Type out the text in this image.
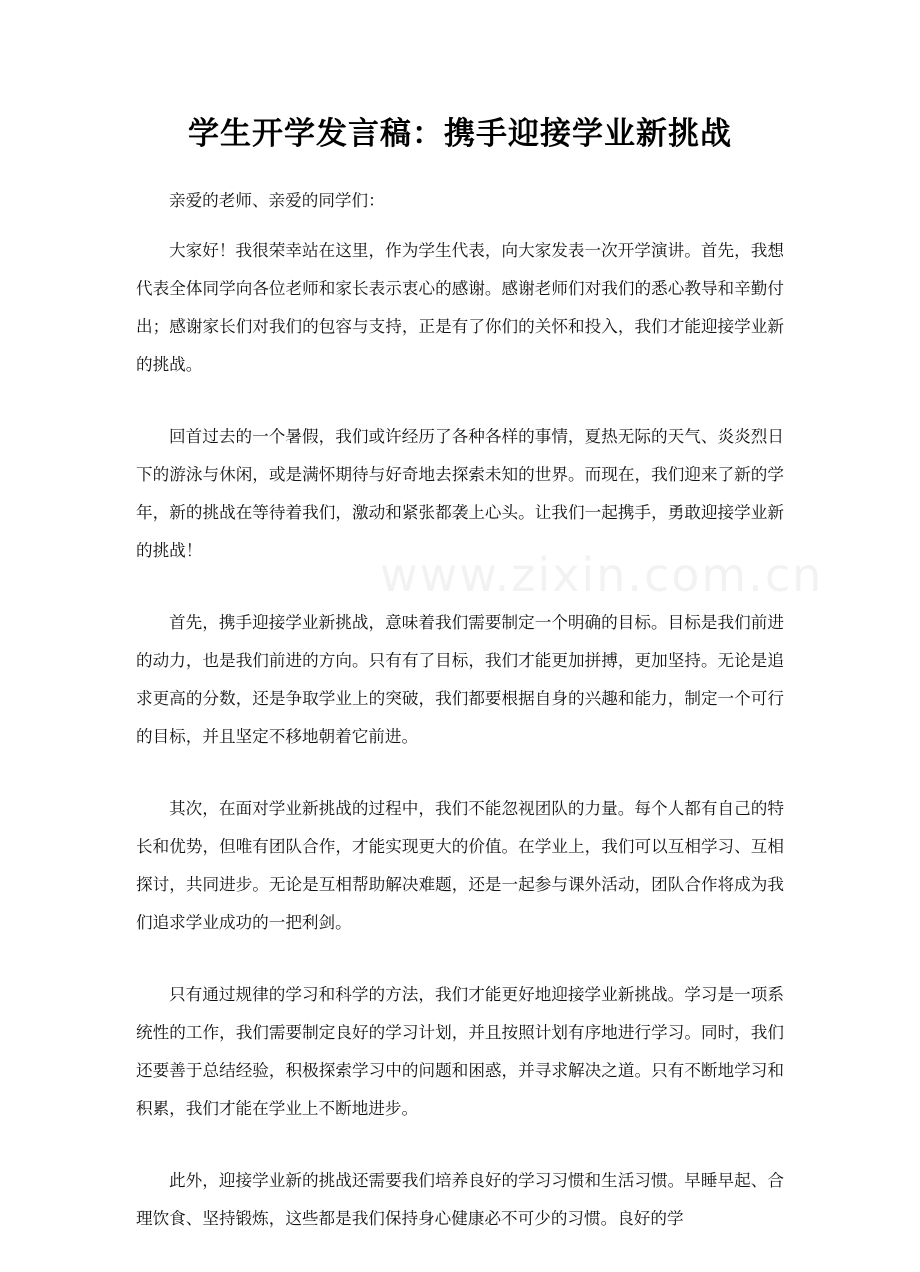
www.zixin.com.cn
学生开学发言稿：携手迎接学业新挑战

亲爱的老师、亲爱的同学们：

大家好！我很荣幸站在这里，作为学生代表，向大家发表一次开学演讲。首先，我想代表全体同学向各位老师和家长表示衷心的感谢。感谢老师们对我们的悉心教导和辛勤付出；感谢家长们对我们的包容与支持，正是有了你们的关怀和投入，我们才能迎接学业新的挑战。

回首过去的一个暑假，我们或许经历了各种各样的事情，夏热无际的天气、炎炎烈日下的游泳与休闲，或是满怀期待与好奇地去探索未知的世界。而现在，我们迎来了新的学年，新的挑战在等待着我们，激动和紧张都袭上心头。让我们一起携手，勇敢迎接学业新的挑战！

首先，携手迎接学业新挑战，意味着我们需要制定一个明确的目标。目标是我们前进的动力，也是我们前进的方向。只有有了目标，我们才能更加拼搏，更加坚持。无论是追求更高的分数，还是争取学业上的突破，我们都要根据自身的兴趣和能力，制定一个可行的目标，并且坚定不移地朝着它前进。

其次，在面对学业新挑战的过程中，我们不能忽视团队的力量。每个人都有自己的特长和优势，但唯有团队合作，才能实现更大的价值。在学业上，我们可以互相学习、互相探讨，共同进步。无论是互相帮助解决难题，还是一起参与课外活动，团队合作将成为我们追求学业成功的一把利剑。

只有通过规律的学习和科学的方法，我们才能更好地迎接学业新挑战。学习是一项系统性的工作，我们需要制定良好的学习计划，并且按照计划有序地进行学习。同时，我们还要善于总结经验，积极探索学习中的问题和困惑，并寻求解决之道。只有不断地学习和积累，我们才能在学业上不断地进步。

此外，迎接学业新的挑战还需要我们培养良好的学习习惯和生活习惯。早睡早起、合理饮食、坚持锻炼，这些都是我们保持身心健康必不可少的习惯。良好的学
